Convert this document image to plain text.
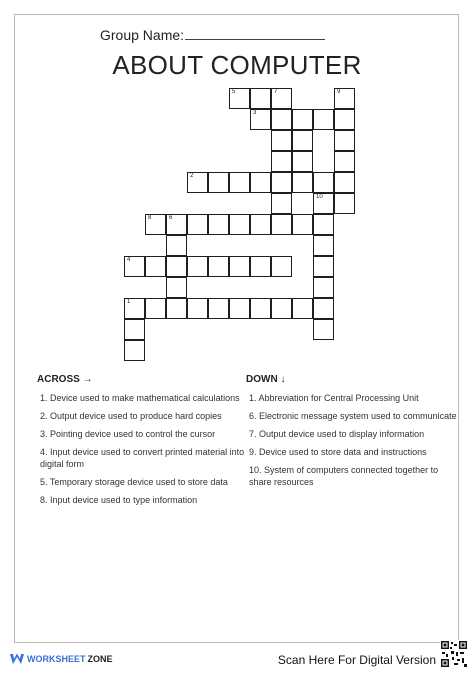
Group Name:
ABOUT COMPUTER
5	7
3
2
8	6
4
1
9
10
ACROSS →
1. Device used to make mathematical calculations
2. Output device used to produce hard copies
3. Pointing device used to control the cursor
4. Input device used to convert printed material into digital form
5. Temporary storage device used to store data
8. Input device used to type information
DOWN ↓
1. Abbreviation for Central Processing Unit
6. Electronic message system used to communicate
7. Output device used to display information
9. Device used to store data and instructions
10. System of computers connected together to share resources
WORKSHEET ZONE	Scan Here For Digital Version
